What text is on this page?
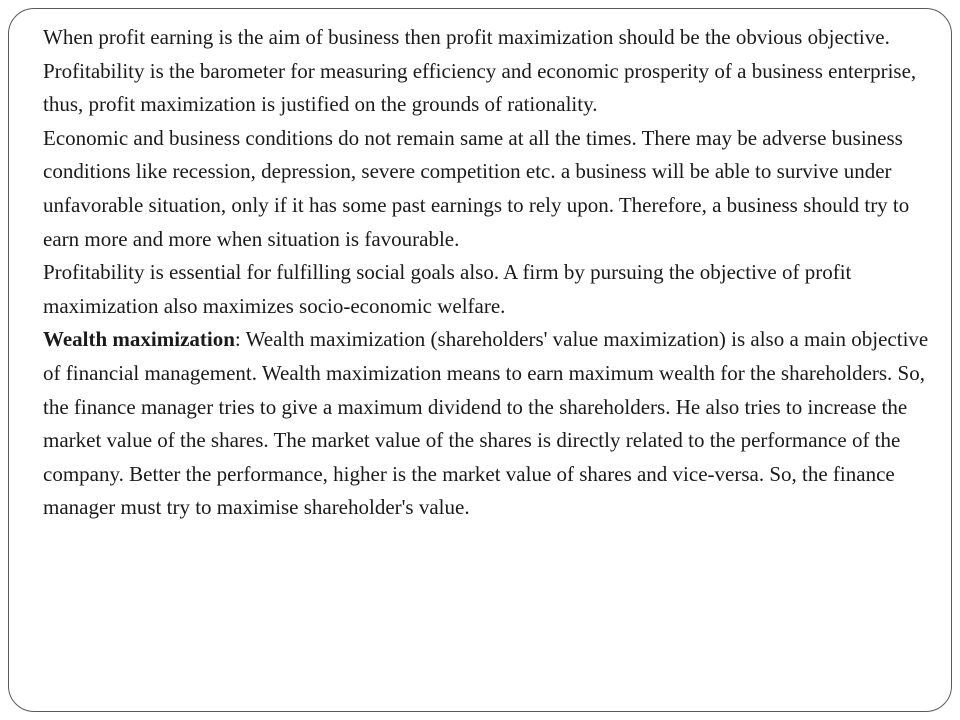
When profit earning is the aim of business then profit maximization should be the obvious objective.

Profitability is the barometer for measuring efficiency and economic prosperity of a business enterprise, thus, profit maximization is justified on the grounds of rationality.

Economic and business conditions do not remain same at all the times. There may be adverse business conditions like recession, depression, severe competition etc. a business will be able to survive under unfavorable situation, only if it has some past earnings to rely upon. Therefore, a business should try to earn more and more when situation is favourable.

Profitability is essential for fulfilling social goals also. A firm by pursuing the objective of profit maximization also maximizes socio-economic welfare.

Wealth maximization: Wealth maximization (shareholders' value maximization) is also a main objective of financial management. Wealth maximization means to earn maximum wealth for the shareholders. So, the finance manager tries to give a maximum dividend to the shareholders. He also tries to increase the market value of the shares. The market value of the shares is directly related to the performance of the company. Better the performance, higher is the market value of shares and vice-versa. So, the finance manager must try to maximise shareholder's value.
